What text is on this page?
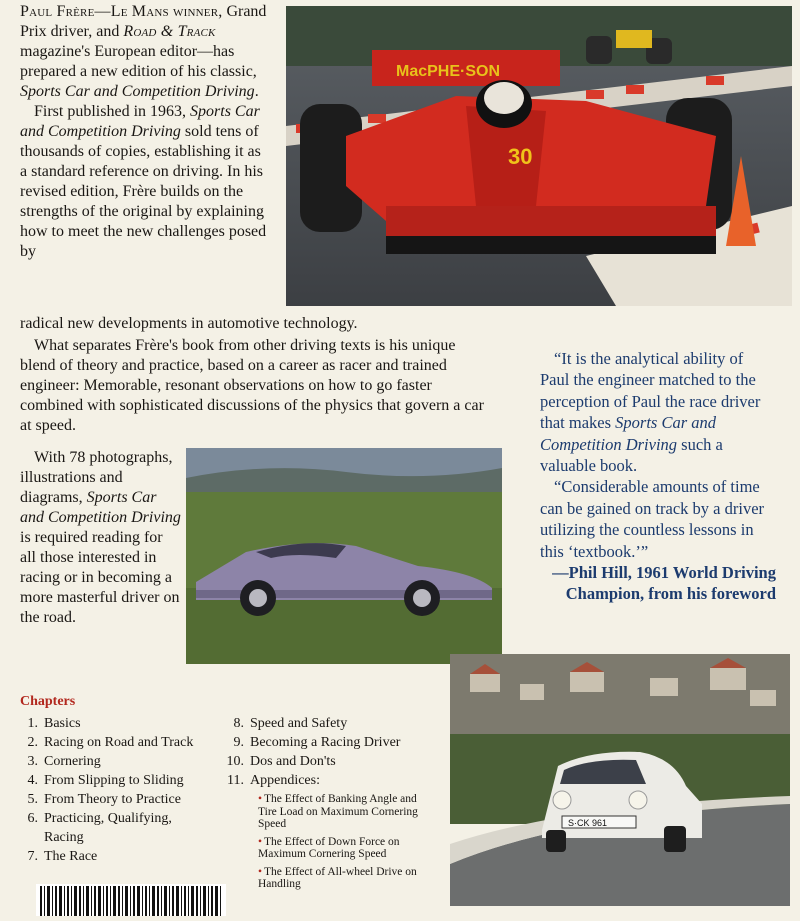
Paul Frère—Le Mans winner, Grand Prix driver, and Road & Track magazine's European editor—has prepared a new edition of his classic, Sports Car and Competition Driving.
First published in 1963, Sports Car and Competition Driving sold tens of thousands of copies, establishing it as a standard reference on driving. In his revised edition, Frère builds on the strengths of the original by explaining how to meet the new challenges posed by
radical new developments in automotive technology.
What separates Frère's book from other driving texts is his unique blend of theory and practice, based on a career as racer and trained engineer: Memorable, resonant observations on how to go faster combined with sophisticated discussions of the physics that govern a car at speed.
With 78 photographs, illustrations and diagrams, Sports Car and Competition Driving is required reading for all those interested in racing or in becoming a more masterful driver on the road.
MacPHE·SON
30
“It is the analytical ability of Paul the engineer matched to the perception of Paul the race driver that makes Sports Car and Competition Driving such a valuable book.
“Considerable amounts of time can be gained on track by a driver utilizing the countless lessons in this ‘textbook.’”
—Phil Hill, 1961 World Driving
Champion, from his foreword
S·CK 961
Chapters
1. Basics
2. Racing on Road and Track
3. Cornering
4. From Slipping to Sliding
5. From Theory to Practice
6. Practicing, Qualifying,
Racing
7. The Race
8. Speed and Safety
9. Becoming a Racing Driver
10. Dos and Don'ts
11. Appendices:
• The Effect of Banking Angle and Tire Load on Maximum Cornering Speed
• The Effect of Down Force on Maximum Cornering Speed
• The Effect of All-wheel Drive on Handling
